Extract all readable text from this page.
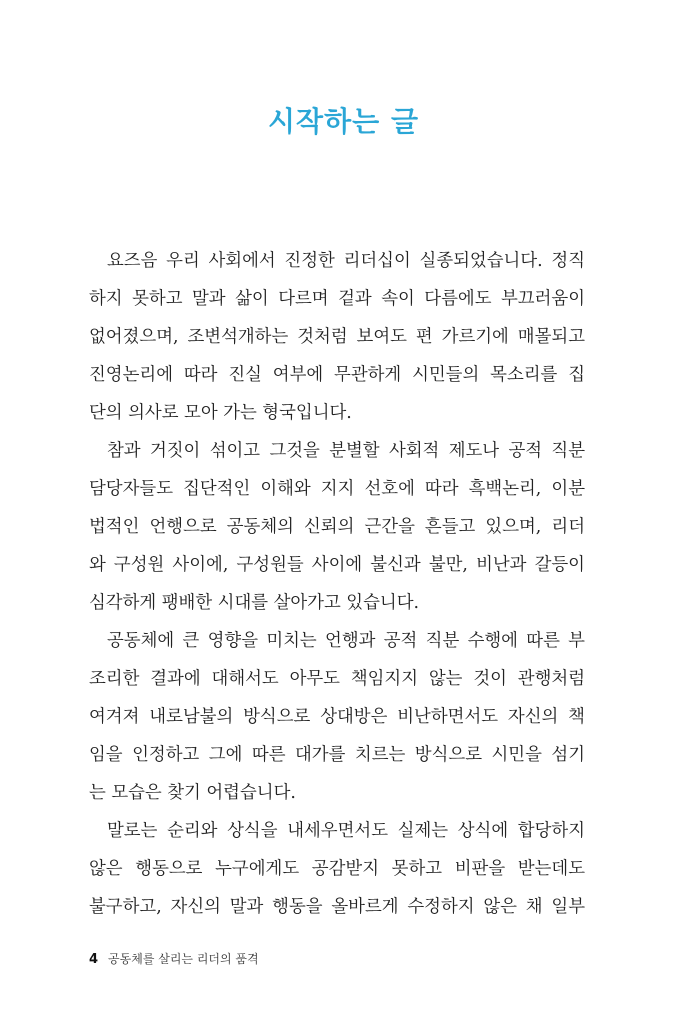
시작하는 글

요즈음 우리 사회에서 진정한 리더십이 실종되었습니다. 정직
하지 못하고 말과 삶이 다르며 겉과 속이 다름에도 부끄러움이
없어졌으며, 조변석개하는 것처럼 보여도 편 가르기에 매몰되고
진영논리에 따라 진실 여부에 무관하게 시민들의 목소리를 집
단의 의사로 모아 가는 형국입니다.

참과 거짓이 섞이고 그것을 분별할 사회적 제도나 공적 직분
담당자들도 집단적인 이해와 지지 선호에 따라 흑백논리, 이분
법적인 언행으로 공동체의 신뢰의 근간을 흔들고 있으며, 리더
와 구성원 사이에, 구성원들 사이에 불신과 불만, 비난과 갈등이
심각하게 팽배한 시대를 살아가고 있습니다.

공동체에 큰 영향을 미치는 언행과 공적 직분 수행에 따른 부
조리한 결과에 대해서도 아무도 책임지지 않는 것이 관행처럼
여겨져 내로남불의 방식으로 상대방은 비난하면서도 자신의 책
임을 인정하고 그에 따른 대가를 치르는 방식으로 시민을 섬기
는 모습은 찾기 어렵습니다.

말로는 순리와 상식을 내세우면서도 실제는 상식에 합당하지
않은 행동으로 누구에게도 공감받지 못하고 비판을 받는데도
불구하고, 자신의 말과 행동을 올바르게 수정하지 않은 채 일부

4 공동체를 살리는 리더의 품격
